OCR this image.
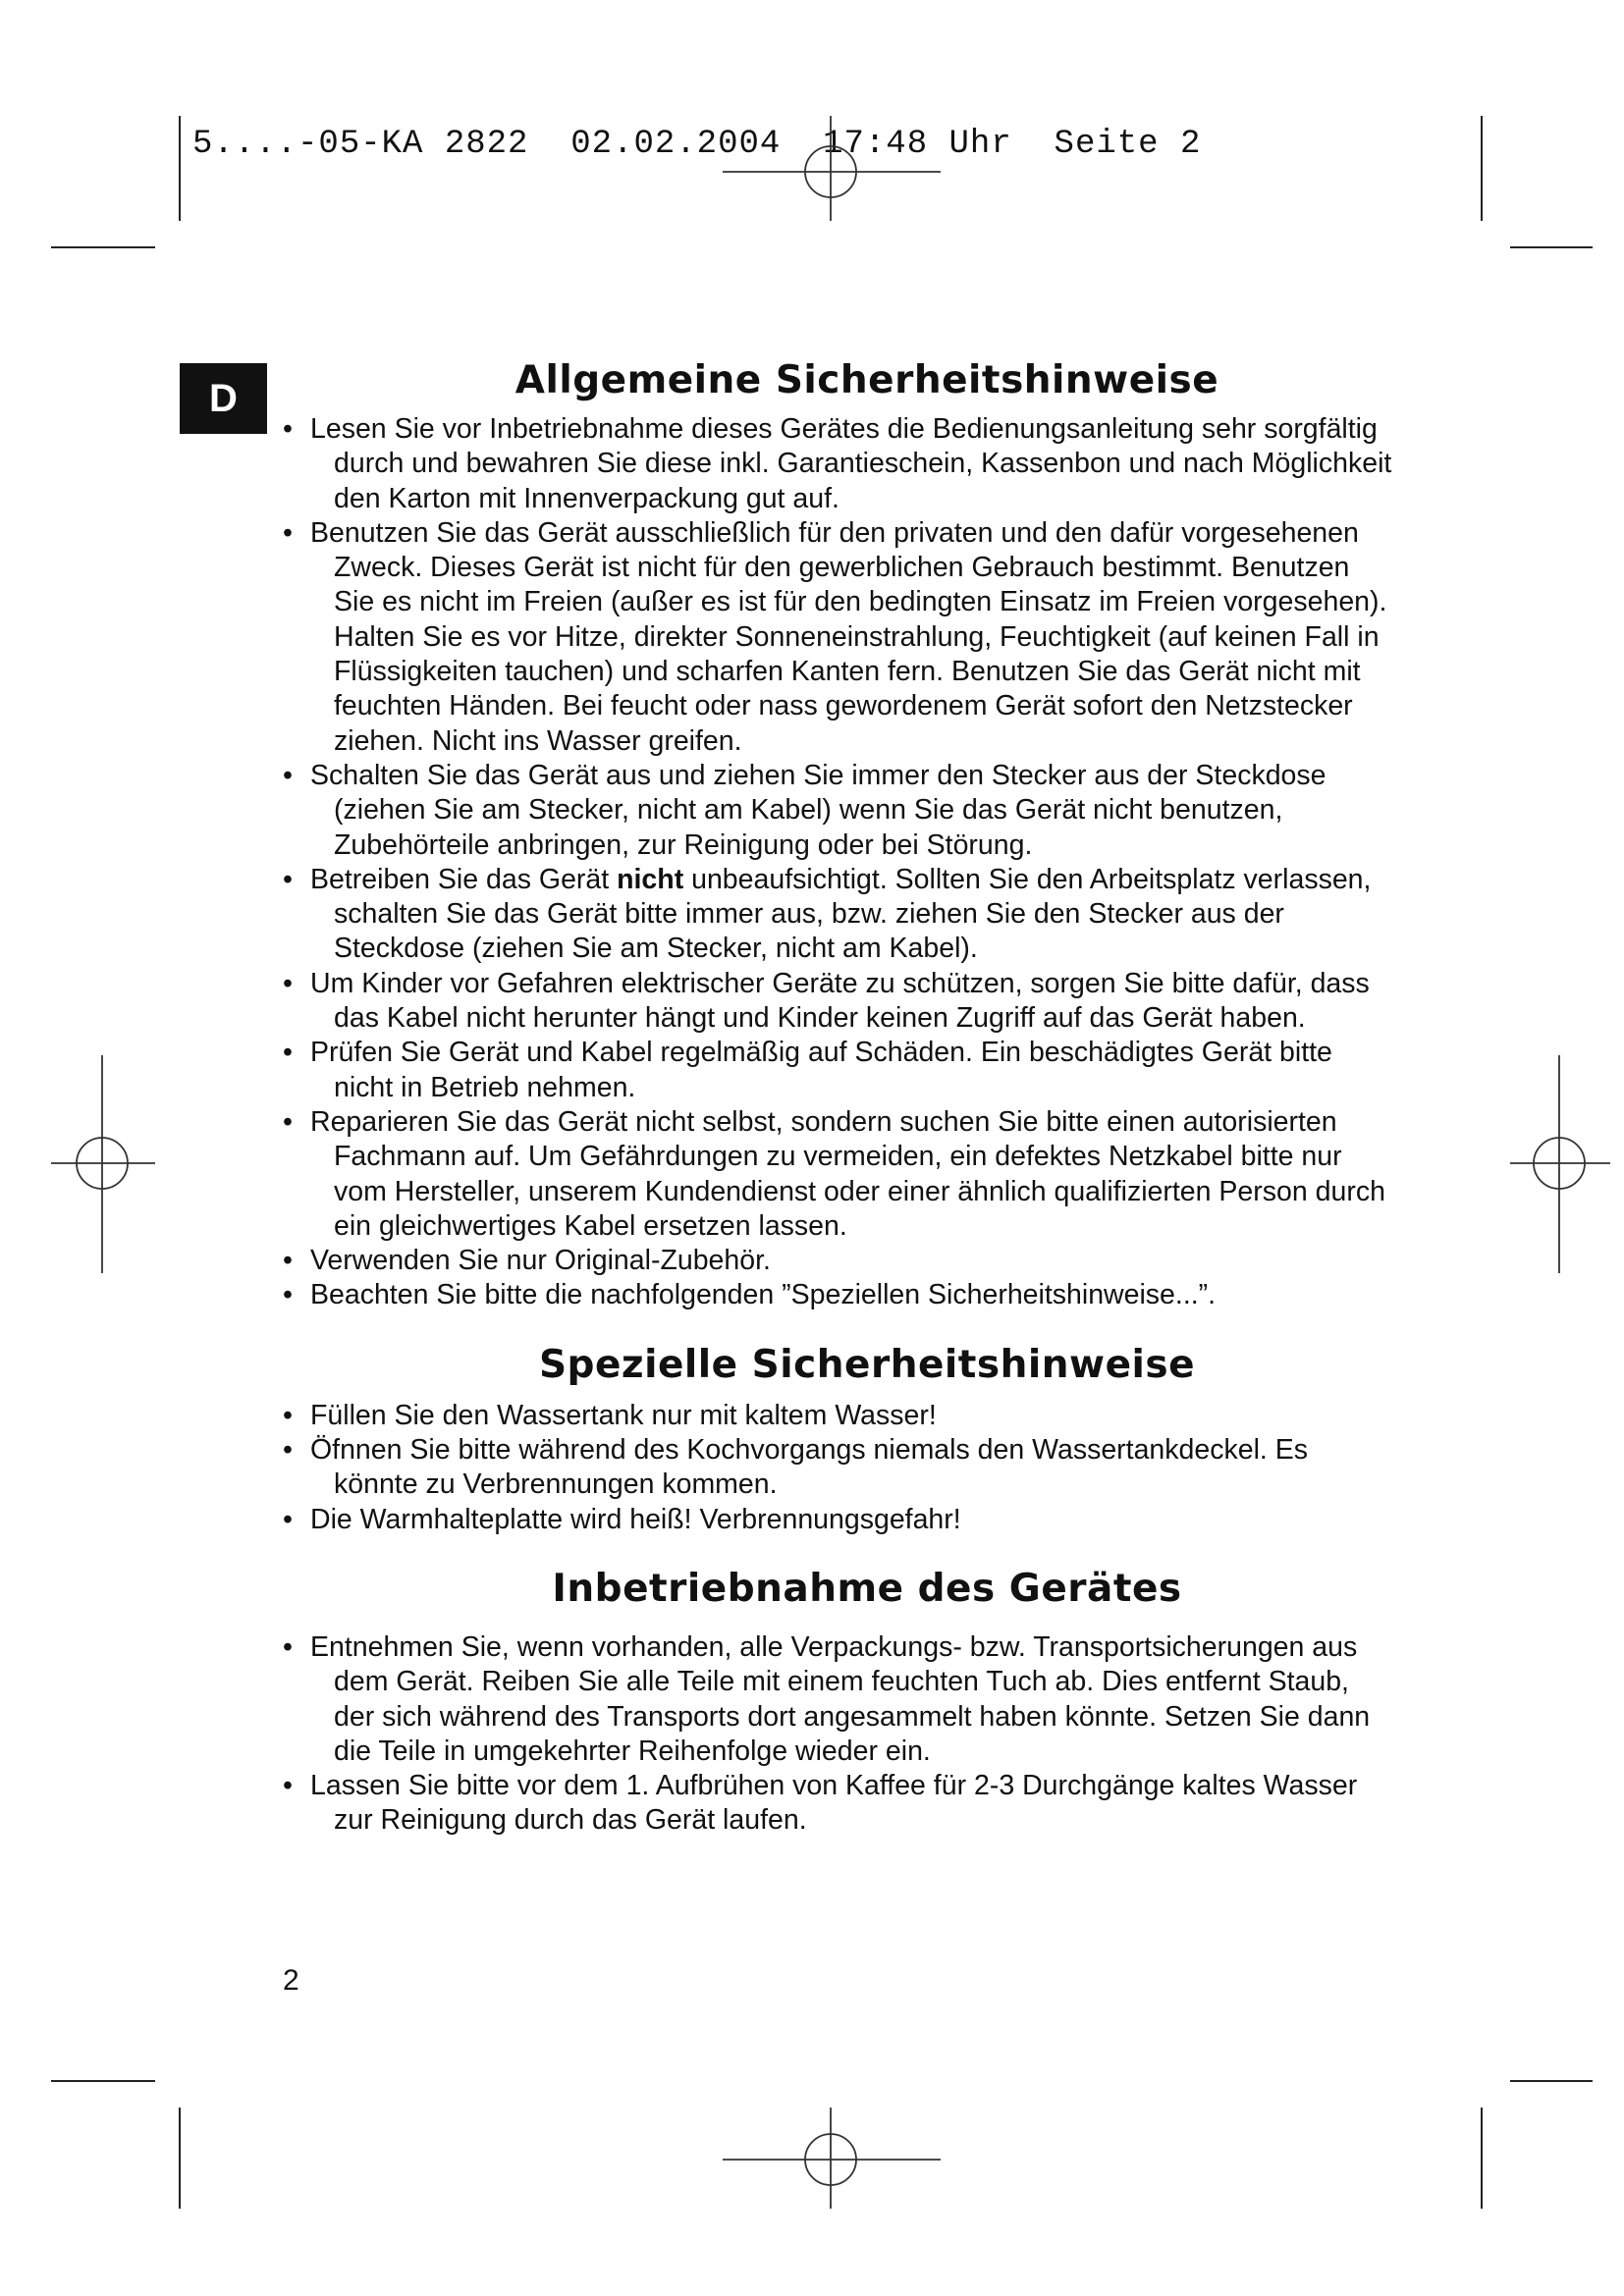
5....-05-KA 2822  02.02.2004  17:48 Uhr  Seite 2
D	Allgemeine Sicherheitshinweise
• Lesen Sie vor Inbetriebnahme dieses Gerätes die Bedienungsanleitung sehr sorgfältig durch und bewahren Sie diese inkl. Garantieschein, Kassenbon und nach Möglichkeit den Karton mit Innenverpackung gut auf.
• Benutzen Sie das Gerät ausschließlich für den privaten und den dafür vorgesehenen Zweck. Dieses Gerät ist nicht für den gewerblichen Gebrauch bestimmt. Benutzen Sie es nicht im Freien (außer es ist für den bedingten Einsatz im Freien vorgesehen). Halten Sie es vor Hitze, direkter Sonneneinstrahlung, Feuchtigkeit (auf keinen Fall in Flüssigkeiten tauchen) und scharfen Kanten fern. Benutzen Sie das Gerät nicht mit feuchten Händen. Bei feucht oder nass gewordenem Gerät sofort den Netzstecker ziehen. Nicht ins Wasser greifen.
• Schalten Sie das Gerät aus und ziehen Sie immer den Stecker aus der Steckdose (ziehen Sie am Stecker, nicht am Kabel) wenn Sie das Gerät nicht benutzen, Zubehörteile anbringen, zur Reinigung oder bei Störung.
• Betreiben Sie das Gerät nicht unbeaufsichtigt. Sollten Sie den Arbeitsplatz verlassen, schalten Sie das Gerät bitte immer aus, bzw. ziehen Sie den Stecker aus der Steckdose (ziehen Sie am Stecker, nicht am Kabel).
• Um Kinder vor Gefahren elektrischer Geräte zu schützen, sorgen Sie bitte dafür, dass das Kabel nicht herunter hängt und Kinder keinen Zugriff auf das Gerät haben.
• Prüfen Sie Gerät und Kabel regelmäßig auf Schäden. Ein beschädigtes Gerät bitte nicht in Betrieb nehmen.
• Reparieren Sie das Gerät nicht selbst, sondern suchen Sie bitte einen autorisierten Fachmann auf. Um Gefährdungen zu vermeiden, ein defektes Netzkabel bitte nur vom Hersteller, unserem Kundendienst oder einer ähnlich qualifizierten Person durch ein gleichwertiges Kabel ersetzen lassen.
• Verwenden Sie nur Original-Zubehör.
• Beachten Sie bitte die nachfolgenden ”Speziellen Sicherheitshinweise...”.
Spezielle Sicherheitshinweise
• Füllen Sie den Wassertank nur mit kaltem Wasser!
• Öfnnen Sie bitte während des Kochvorgangs niemals den Wassertankdeckel. Es könnte zu Verbrennungen kommen.
• Die Warmhalteplatte wird heiß! Verbrennungsgefahr!
Inbetriebnahme des Gerätes
• Entnehmen Sie, wenn vorhanden, alle Verpackungs- bzw. Transportsicherungen aus dem Gerät. Reiben Sie alle Teile mit einem feuchten Tuch ab. Dies entfernt Staub, der sich während des Transports dort angesammelt haben könnte. Setzen Sie dann die Teile in umgekehrter Reihenfolge wieder ein.
• Lassen Sie bitte vor dem 1. Aufbrühen von Kaffee für 2-3 Durchgänge kaltes Wasser zur Reinigung durch das Gerät laufen.
2
